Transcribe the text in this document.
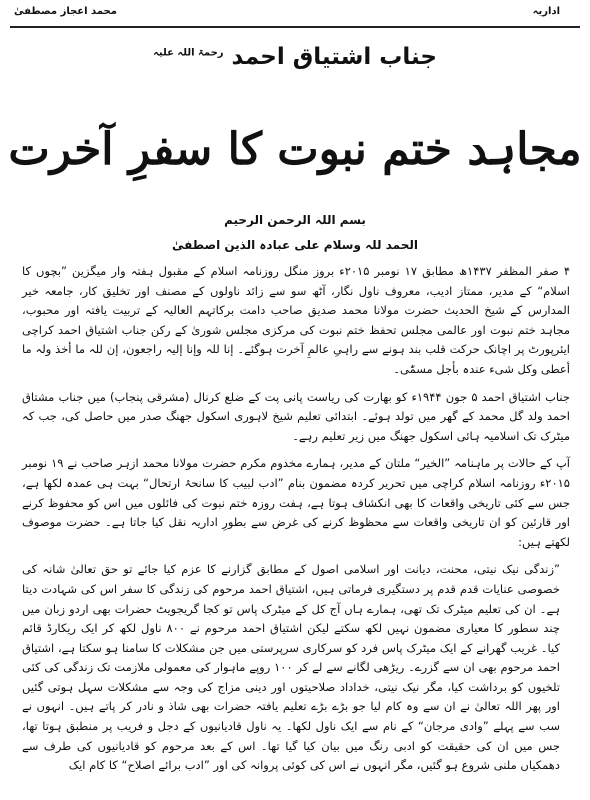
اداریہ
محمد اعجاز مصطفیٰ
جناب اشتیاق احمد $^{رحمۃ اللہ علیہ}$
مجاہد ختم نبوت کا سفرِ آخرت
بسم اللہ الرحمن الرحیم
الحمد للہ وسلام علی عبادہ الذین اصطفیٰ

۴ صفر المظفر ۱۴۳۷ھ مطابق ۱۷ نومبر ۲۰۱۵ء بروز منگل روزنامہ اسلام کے مقبول ہفتہ وار میگزین ”بچوں کا اسلام“ کے مدیر، ممتاز ادیب، معروف ناول نگار، آٹھ سو سے زائد ناولوں کے مصنف اور تخلیق کار، جامعہ خیر المدارس کے شیخ الحدیث حضرت مولانا محمد صدیق صاحب دامت برکاتہم العالیہ کے تربیت یافتہ اور محبوب، مجاہد ختم نبوت اور عالمی مجلس تحفظ ختم نبوت کی مرکزی مجلس شوریٰ کے رکن جناب اشتیاق احمد کراچی ایئرپورٹ پر اچانک حرکت قلب بند ہونے سے راہیِ عالمِ آخرت ہوگئے۔ إنا للہ وإنا إلیہ راجعون، إن للہ ما أخذ ولہ ما أعطی وکل شیء عندہ بأجل مسمّٰی۔

جناب اشتیاق احمد ۵ جون ۱۹۴۴ء کو بھارت کی ریاست پانی پت کے ضلع کرنال (مشرقی پنجاب) میں جناب مشتاق احمد ولد گل محمد کے گھر میں تولد ہوئے۔ ابتدائی تعلیم شیخ لاہوری اسکول جھنگ صدر میں حاصل کی، جب کہ میٹرک تک اسلامیہ ہائی اسکول جھنگ میں زیر تعلیم رہے۔

آپ کے حالات پر ماہنامہ ”الخیر“ ملتان کے مدیر، ہمارے مخدوم مکرم حضرت مولانا محمد ازہر صاحب نے ۱۹ نومبر ۲۰۱۵ء روزنامہ اسلام کراچی میں تحریر کردہ مضمون بنام ”ادب لبیب کا سانحۂ ارتحال“ بہت ہی عمدہ لکھا ہے، جس سے کئی تاریخی واقعات کا بھی انکشاف ہوتا ہے، ہفت روزہ ختم نبوت کی فائلوں میں اس کو محفوظ کرنے اور قارئین کو ان تاریخی واقعات سے محظوظ کرنے کی غرض سے بطورِ اداریہ نقل کیا جاتا ہے۔ حضرت موصوف لکھتے ہیں:

”زندگی نیک نیتی، محنت، دیانت اور اسلامی اصول کے مطابق گزارنے کا عزم کیا جائے تو حق تعالیٰ شانہ کی خصوصی عنایات قدم قدم پر دستگیری فرماتی ہیں، اشتیاق احمد مرحوم کی زندگی کا سفر اس کی شہادت دیتا ہے۔ ان کی تعلیم میٹرک تک تھی، ہمارے ہاں آج کل کے میٹرک پاس تو کجا گریجویٹ حضرات بھی اردو زبان میں چند سطور کا معیاری مضمون نہیں لکھ سکتے لیکن اشتیاق احمد مرحوم نے ۸۰۰ ناول لکھ کر ایک ریکارڈ قائم کیا۔ غریب گھرانے کے ایک میٹرک پاس فرد کو سرکاری سرپرستی میں جن مشکلات کا سامنا ہو سکتا ہے، اشتیاق احمد مرحوم بھی ان سے گزرے۔ ریڑھی لگانے سے لے کر ۱۰۰ روپے ماہوار کی معمولی ملازمت تک زندگی کی کئی تلخیوں کو برداشت کیا، مگر نیک نیتی، خداداد صلاحیتوں اور دینی مزاج کی وجہ سے مشکلات سہل ہوتی گئیں اور پھر اللہ تعالیٰ نے ان سے وہ کام لیا جو بڑے بڑے تعلیم یافتہ حضرات بھی شاذ و نادر کر پاتے ہیں۔ انہوں نے سب سے پہلے ”وادی مرجان“ کے نام سے ایک ناول لکھا۔ یہ ناول قادیانیوں کے دجل و فریب پر منطبق ہوتا تھا، جس میں ان کی حقیقت کو ادبی رنگ میں بیان کیا گیا تھا۔ اس کے بعد مرحوم کو قادیانیوں کی طرف سے دھمکیاں ملنی شروع ہو گئیں، مگر انہوں نے اس کی کوئی پروانہ کی اور ”ادب برائے اصلاح“ کا کام ایک
